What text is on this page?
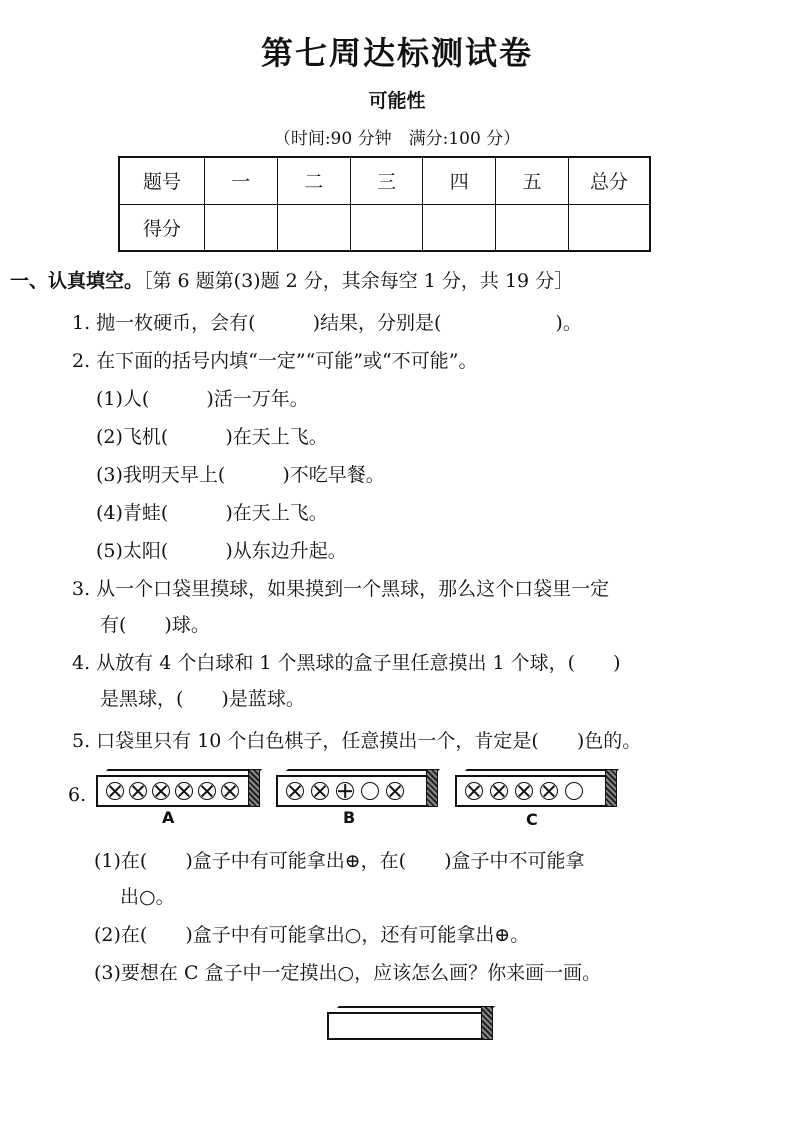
第七周达标测试卷
可能性
（时间:90 分钟　满分:100 分）
题号	一	二	三	四	五	总分
得分						
一、认真填空。［第 6 题第(3)题 2 分，其余每空 1 分，共 19 分］
1. 抛一枚硬币，会有(　　　)结果，分别是(　　　　　　)。
2. 在下面的括号内填“一定”“可能”或“不可能”。
(1)人(　　　)活一万年。
(2)飞机(　　　)在天上飞。
(3)我明天早上(　　　)不吃早餐。
(4)青蛙(　　　)在天上飞。
(5)太阳(　　　)从东边升起。
3. 从一个口袋里摸球，如果摸到一个黑球，那么这个口袋里一定
有(　　)球。
4. 从放有 4 个白球和 1 个黑球的盒子里任意摸出 1 个球，(　　)
是黑球，(　　)是蓝球。
5. 口袋里只有 10 个白色棋子，任意摸出一个，肯定是(　　)色的。
6.
A	B	C
(1)在(　　)盒子中有可能拿出⊕，在(　　)盒子中不可能拿
出○。
(2)在(　　)盒子中有可能拿出○，还有可能拿出⊕。
(3)要想在 C 盒子中一定摸出○，应该怎么画？你来画一画。
